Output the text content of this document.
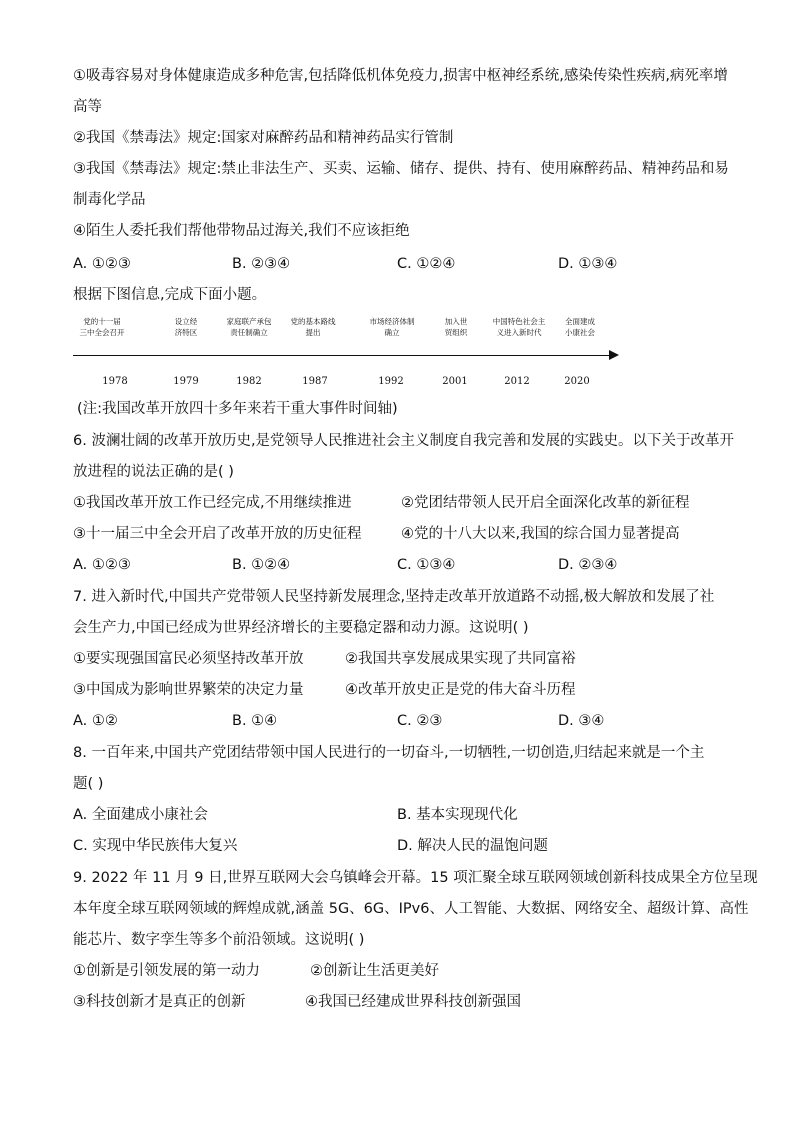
①吸毒容易对身体健康造成多种危害,包括降低机体免疫力,损害中枢神经系统,感染传染性疾病,病死率增
高等
②我国《禁毒法》规定:国家对麻醉药品和精神药品实行管制
③我国《禁毒法》规定:禁止非法生产、买卖、运输、储存、提供、持有、使用麻醉药品、精神药品和易
制毒化学品
④陌生人委托我们帮他带物品过海关,我们不应该拒绝
A. ①②③	B. ②③④	C. ①②④	D. ①③④
根据下图信息,完成下面小题。
党的十一届
三中全会召开
设立经
济特区
家庭联产承包
责任制确立
党的基本路线
提出
市场经济体制
确立
加入世
贸组织
中国特色社会主
义进入新时代
全面建成
小康社会
1978	1979	1982	1987	1992	2001	2012	2020
(注:我国改革开放四十多年来若干重大事件时间轴)
6. 波澜壮阔的改革开放历史,是党领导人民推进社会主义制度自我完善和发展的实践史。以下关于改革开
放进程的说法正确的是( )
①我国改革开放工作已经完成,不用继续推进	②党团结带领人民开启全面深化改革的新征程
③十一届三中全会开启了改革开放的历史征程	④党的十八大以来,我国的综合国力显著提高
A. ①②③	B. ①②④	C. ①③④	D. ②③④
7. 进入新时代,中国共产党带领人民坚持新发展理念,坚持走改革开放道路不动摇,极大解放和发展了社
会生产力,中国已经成为世界经济增长的主要稳定器和动力源。这说明( )
①要实现强国富民必须坚持改革开放	②我国共享发展成果实现了共同富裕
③中国成为影响世界繁荣的决定力量	④改革开放史正是党的伟大奋斗历程
A. ①②	B. ①④	C. ②③	D. ③④
8. 一百年来,中国共产党团结带领中国人民进行的一切奋斗,一切牺牲,一切创造,归结起来就是一个主
题( )
A. 全面建成小康社会	B. 基本实现现代化
C. 实现中华民族伟大复兴	D. 解决人民的温饱问题
9. 2022 年 11 月 9 日,世界互联网大会乌镇峰会开幕。15 项汇聚全球互联网领域创新科技成果全方位呈现
本年度全球互联网领域的辉煌成就,涵盖 5G、6G、IPv6、人工智能、大数据、网络安全、超级计算、高性
能芯片、数字孪生等多个前沿领域。这说明( )
①创新是引领发展的第一动力	②创新让生活更美好
③科技创新才是真正的创新	④我国已经建成世界科技创新强国
